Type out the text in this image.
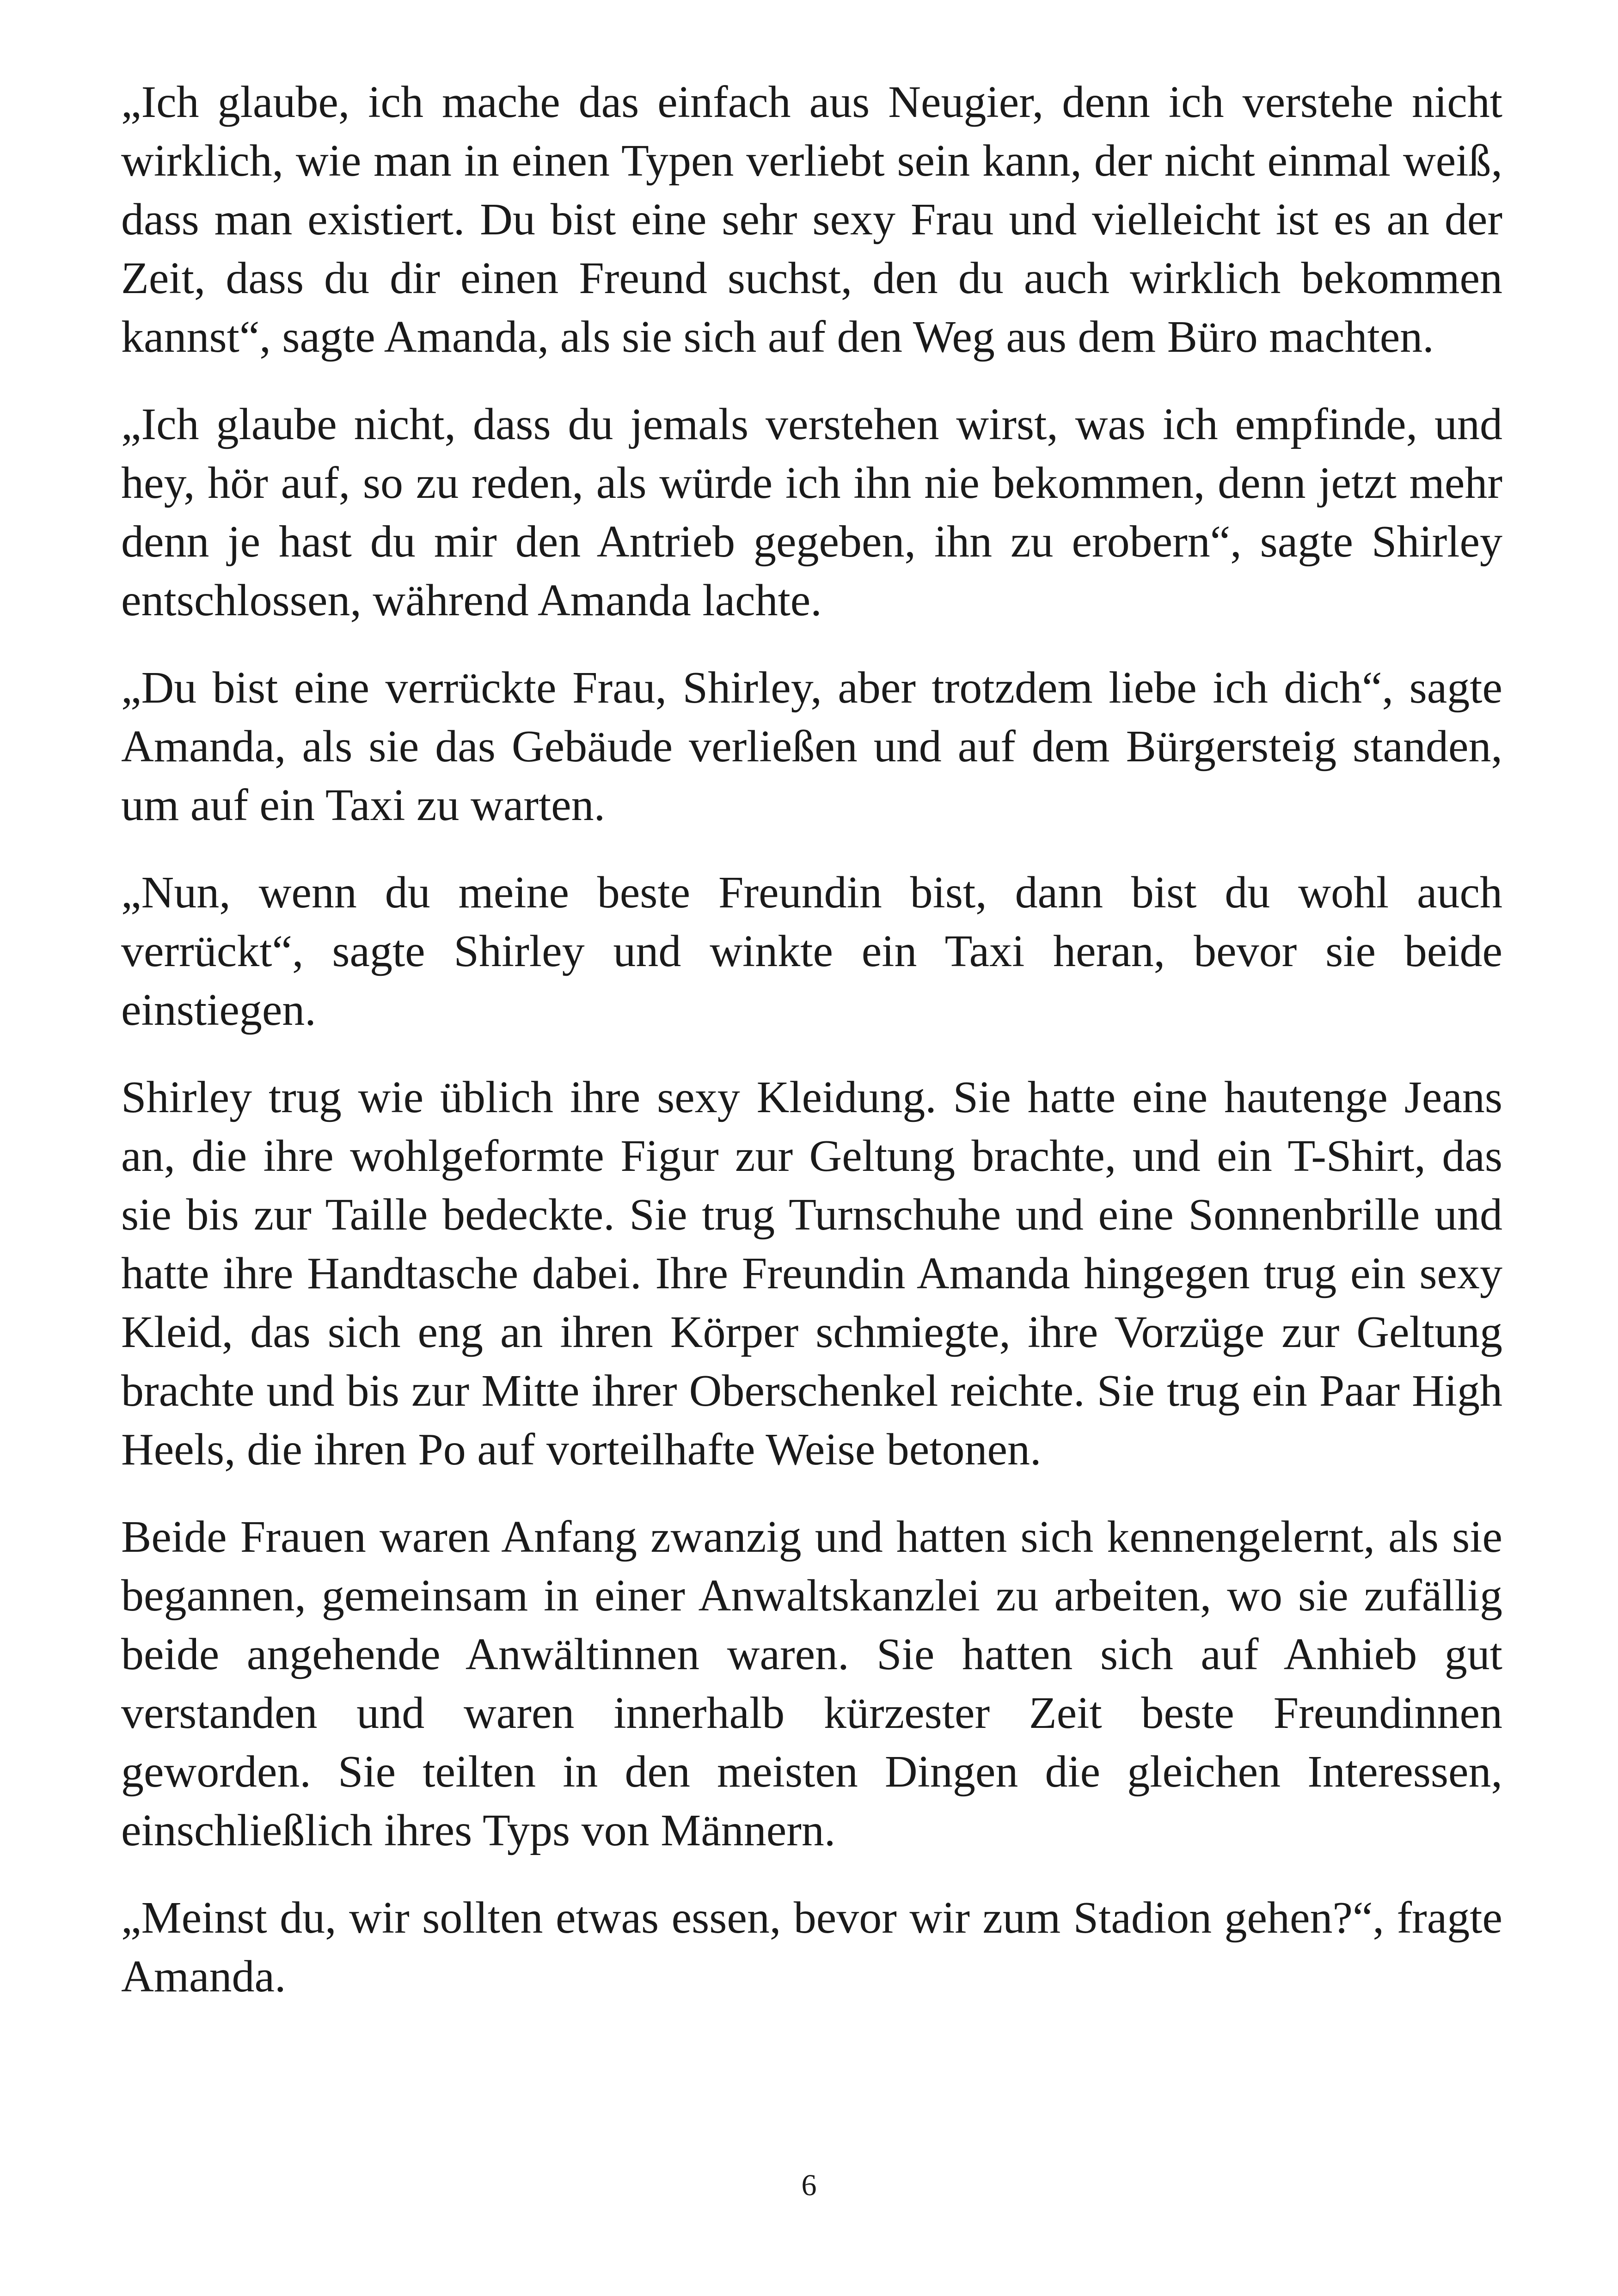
„Ich glaube, ich mache das einfach aus Neugier, denn ich verstehe nicht wirklich, wie man in einen Typen verliebt sein kann, der nicht einmal weiß, dass man existiert. Du bist eine sehr sexy Frau und vielleicht ist es an der Zeit, dass du dir einen Freund suchst, den du auch wirklich bekommen kannst“, sagte Amanda, als sie sich auf den Weg aus dem Büro machten.

„Ich glaube nicht, dass du jemals verstehen wirst, was ich empfinde, und hey, hör auf, so zu reden, als würde ich ihn nie bekommen, denn jetzt mehr denn je hast du mir den Antrieb gegeben, ihn zu erobern“, sagte Shirley entschlossen, während Amanda lachte.

„Du bist eine verrückte Frau, Shirley, aber trotzdem liebe ich dich“, sagte Amanda, als sie das Gebäude verließen und auf dem Bürgersteig standen, um auf ein Taxi zu warten.

„Nun, wenn du meine beste Freundin bist, dann bist du wohl auch verrückt“, sagte Shirley und winkte ein Taxi heran, bevor sie beide einstiegen.

Shirley trug wie üblich ihre sexy Kleidung. Sie hatte eine hautenge Jeans an, die ihre wohlgeformte Figur zur Geltung brachte, und ein T-Shirt, das sie bis zur Taille bedeckte. Sie trug Turnschuhe und eine Sonnenbrille und hatte ihre Handtasche dabei. Ihre Freundin Amanda hingegen trug ein sexy Kleid, das sich eng an ihren Körper schmiegte, ihre Vorzüge zur Geltung brachte und bis zur Mitte ihrer Oberschenkel reichte. Sie trug ein Paar High Heels, die ihren Po auf vorteilhafte Weise betonen.

Beide Frauen waren Anfang zwanzig und hatten sich kennengelernt, als sie begannen, gemeinsam in einer Anwaltskanzlei zu arbeiten, wo sie zufällig beide angehende Anwältinnen waren. Sie hatten sich auf Anhieb gut verstanden und waren innerhalb kürzester Zeit beste Freundinnen geworden. Sie teilten in den meisten Dingen die gleichen Interessen, einschließlich ihres Typs von Männern.

„Meinst du, wir sollten etwas essen, bevor wir zum Stadion gehen?“, fragte Amanda.

6
